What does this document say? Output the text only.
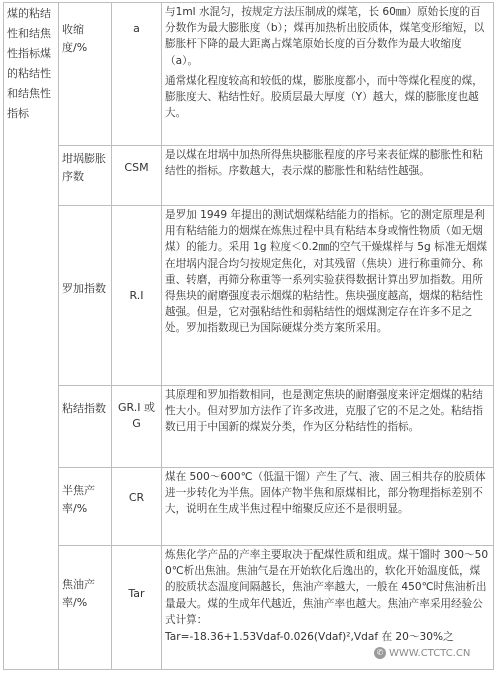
煤的粘结性和结焦性指标煤的粘结性和结焦性指标	收缩度/%	a	与1ml 水混匀，按规定方法压制成的煤笔，长 60㎜）原始长度的百分数作为最大膨胀度（b）；煤再加热析出胶质体，煤笔变形缩短，以膨胀杆下降的最大距离占煤笔原始长度的百分数作为最大收缩度（a）。

通常煤化程度较高和较低的煤，膨胀度都小，而中等煤化程度的煤，膨胀度大、粘结性好。胶质层最大厚度（Y）越大，煤的膨胀度也越大。

	坩埚膨胀序数	CSM	是以煤在坩埚中加热所得焦块膨胀程度的序号来表征煤的膨胀性和粘结性的指标。序数越大，表示煤的膨胀性和粘结性越强。

	罗加指数	R.I	是罗加 1949 年提出的测试烟煤粘结能力的指标。它的测定原理是利用有粘结能力的烟煤在炼焦过程中具有粘结本身或惰性物质（如无烟煤）的能力。采用 1g 粒度＜0.2㎜的空气干燥煤样与 5g 标准无烟煤在坩埚内混合均匀按规定焦化，对其残留（焦块）进行称重筛分、称重、转磨，再筛分称重等一系列实验获得数据计算出罗加指数。用所得焦块的耐磨强度表示烟煤的粘结性。焦块强度越高，烟煤的粘结性越强。但是，它对强粘结性和弱粘结性的烟煤测定存在许多不足之处。罗加指数现已为国际硬煤分类方案所采用。

	粘结指数	GR.I 或 G	其原理和罗加指数相同，也是测定焦块的耐磨强度来评定烟煤的粘结性大小。但对罗加方法作了许多改进，克服了它的不足之处。粘结指数已用于中国新的煤炭分类，作为区分粘结性的指标。

	半焦产率/%	CR	煤在 500～600℃（低温干馏）产生了气、液、固三相共存的胶质体进一步转化为半焦。固体产物半焦和原煤相比，部分物理指标差别不大，说明在生成半焦过程中缩聚反应还不是很明显。

	焦油产率/%	Tar	炼焦化学产品的产率主要取决于配煤性质和组成。煤干馏时 300～500℃析出焦油。焦油气是在开始软化后逸出的，软化开始温度低，煤的胶质状态温度间隔越长，焦油产率越大，一般在 450℃时焦油析出量最大。煤的生成年代越近，焦油产率也越大。焦油产率采用经验公式计算：

Tar=-18.36+1.53Vdaf-0.026(Vdaf)²,Vdaf 在 20～30%之
✆ WWW.CTCTC.CN
